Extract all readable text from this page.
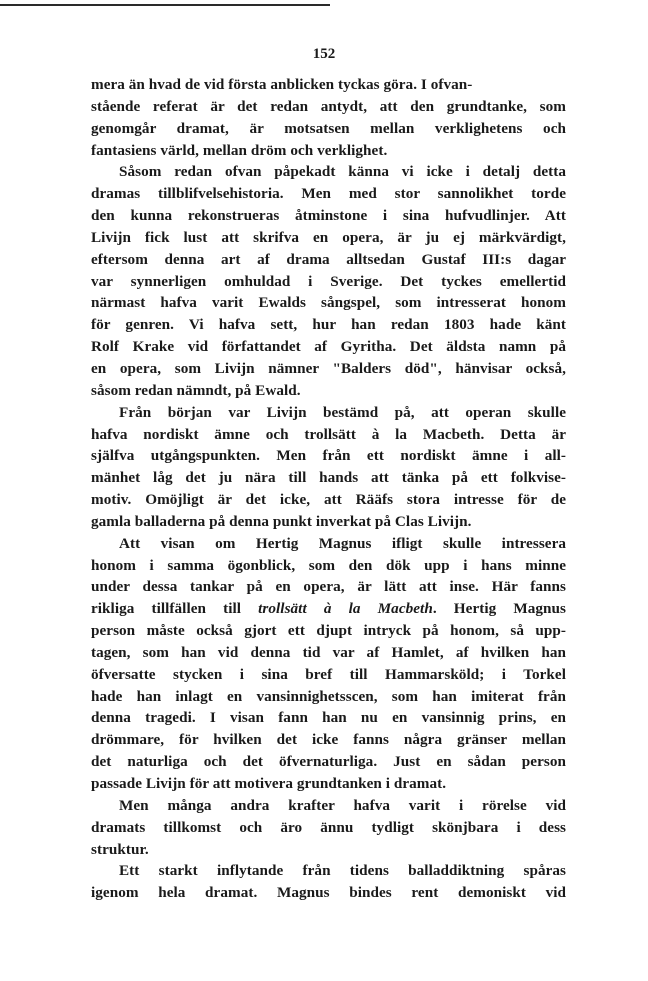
152
mera än hvad de vid första anblicken tyckas göra. I ofvan-
stående referat är det redan antydt, att den grundtanke, som
genomgår dramat, är motsatsen mellan verklighetens och
fantasiens värld, mellan dröm och verklighet.
Såsom redan ofvan påpekadt känna vi icke i detalj detta
dramas tillblifvelsehistoria. Men med stor sannolikhet torde
den kunna rekonstrueras åtminstone i sina hufvudlinjer. Att
Livijn fick lust att skrifva en opera, är ju ej märkvärdigt,
eftersom denna art af drama alltsedan Gustaf III:s dagar
var synnerligen omhuldad i Sverige. Det tyckes emellertid
närmast hafva varit Ewalds sångspel, som intresserat honom
för genren. Vi hafva sett, hur han redan 1803 hade känt
Rolf Krake vid författandet af Gyritha. Det äldsta namn på
en opera, som Livijn nämner "Balders död", hänvisar också,
såsom redan nämndt, på Ewald.
Från början var Livijn bestämd på, att operan skulle
hafva nordiskt ämne och trollsätt à la Macbeth. Detta är
själfva utgångspunkten. Men från ett nordiskt ämne i all-
mänhet låg det ju nära till hands att tänka på ett folkvise-
motiv. Omöjligt är det icke, att Rääfs stora intresse för de
gamla balladerna på denna punkt inverkat på Clas Livijn.
Att visan om Hertig Magnus ifligt skulle intressera
honom i samma ögonblick, som den dök upp i hans minne
under dessa tankar på en opera, är lätt att inse. Här fanns
rikliga tillfällen till trollsätt à la Macbeth. Hertig Magnus
person måste också gjort ett djupt intryck på honom, så upp-
tagen, som han vid denna tid var af Hamlet, af hvilken han
öfversatte stycken i sina bref till Hammarsköld; i Torkel
hade han inlagt en vansinnighetsscen, som han imiterat från
denna tragedi. I visan fann han nu en vansinnig prins, en
drömmare, för hvilken det icke fanns några gränser mellan
det naturliga och det öfvernaturliga. Just en sådan person
passade Livijn för att motivera grundtanken i dramat.
Men många andra krafter hafva varit i rörelse vid
dramats tillkomst och äro ännu tydligt skönjbara i dess
struktur.
Ett starkt inflytande från tidens balladdiktning spåras
igenom hela dramat. Magnus bindes rent demoniskt vid
